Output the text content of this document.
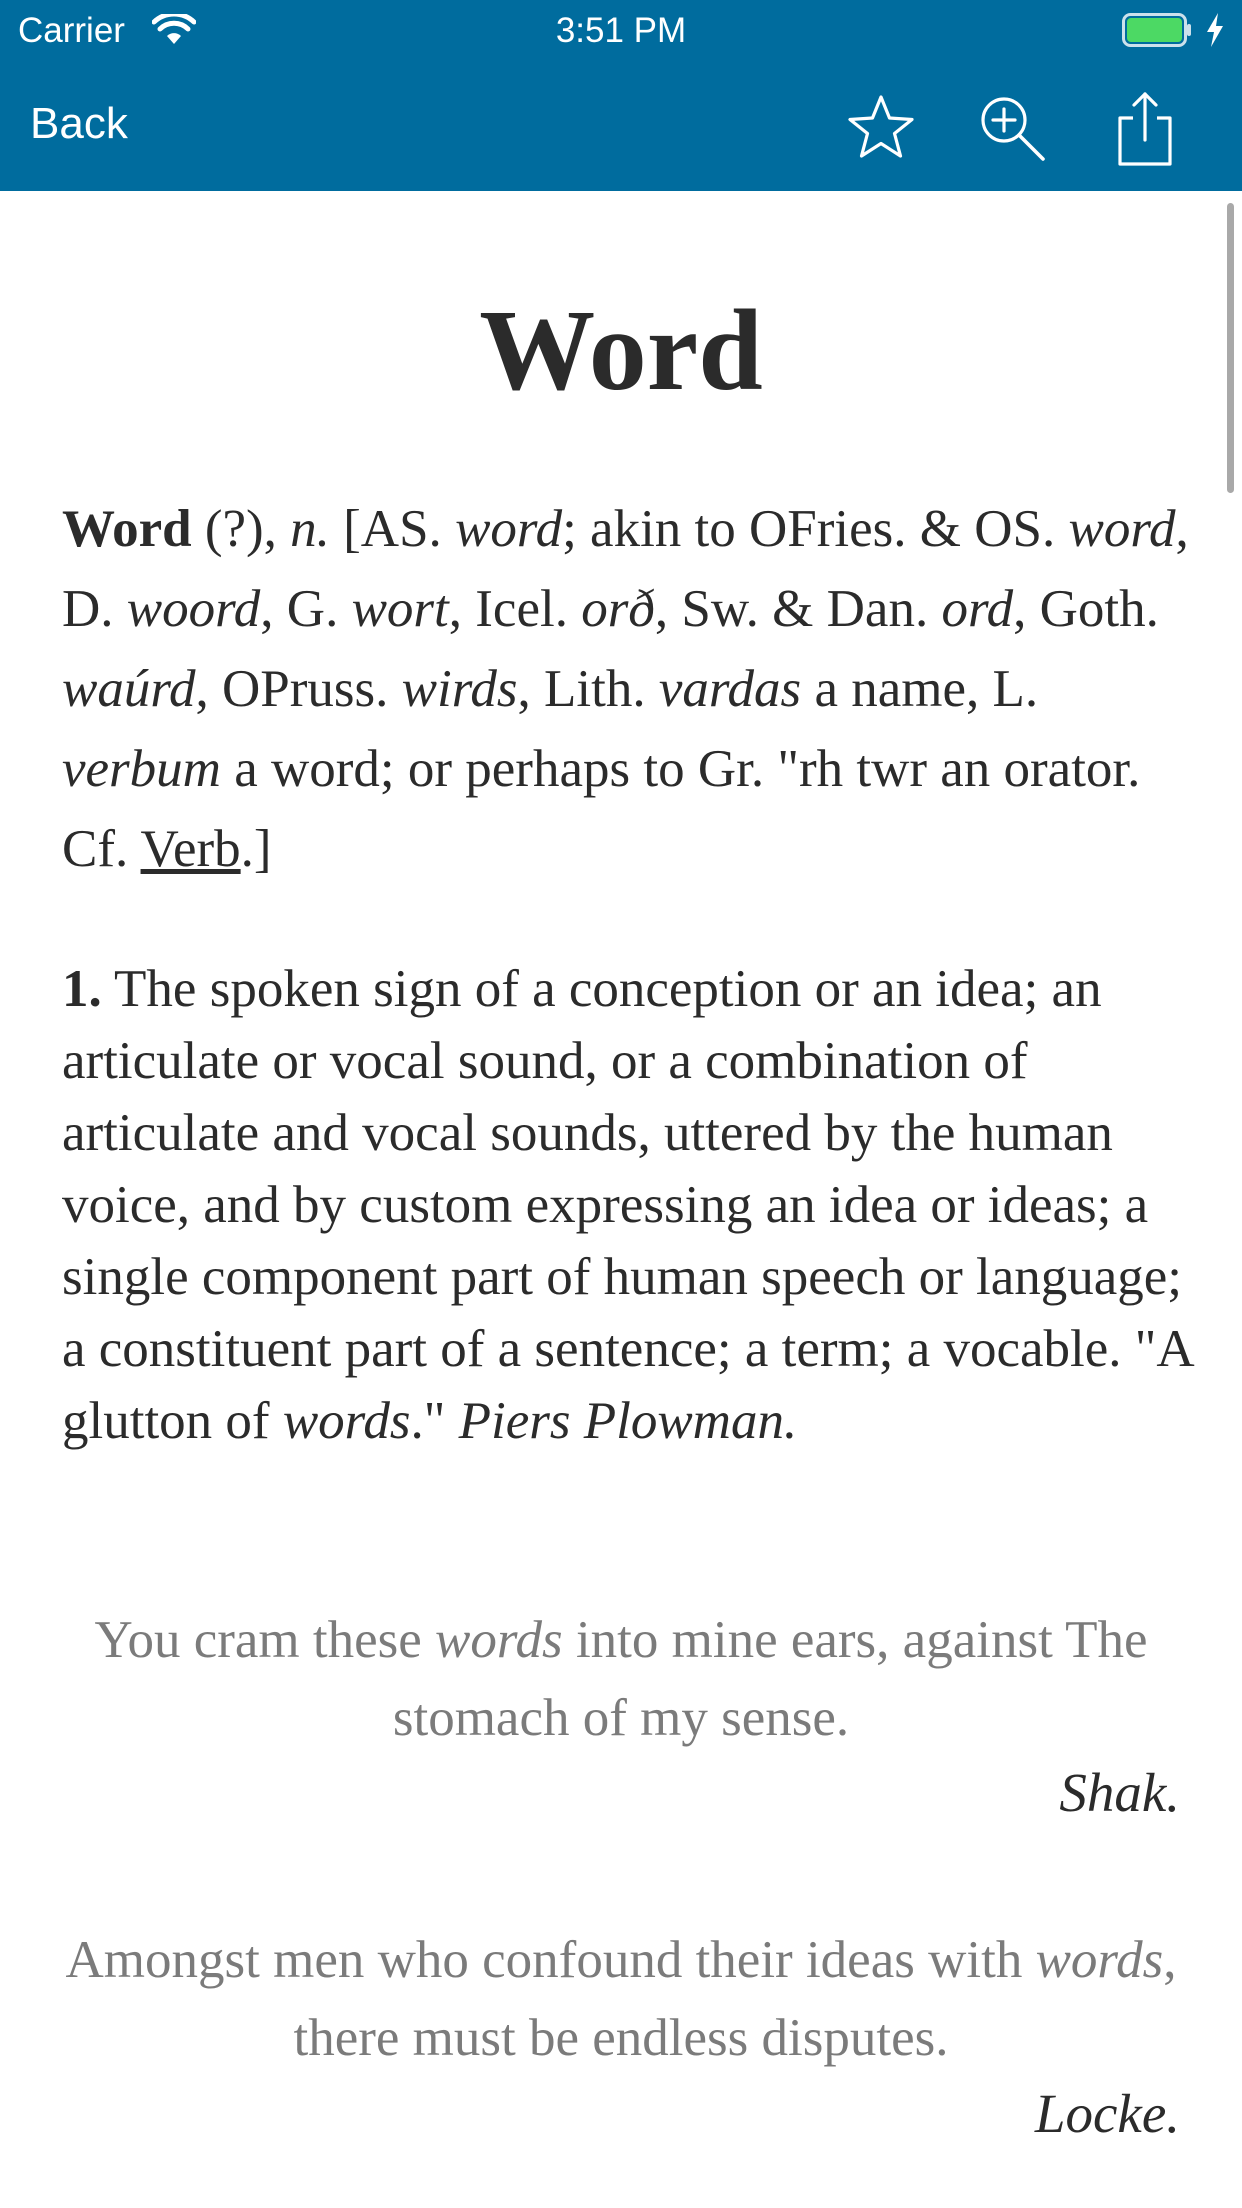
Carrier	3:51 PM
Back
Word

Word (?), n. [AS. word; akin to OFries. & OS. word, D. woord, G. wort, Icel. orð, Sw. & Dan. ord, Goth. waúrd, OPruss. wirds, Lith. vardas a name, L. verbum a word; or perhaps to Gr. "rh twr an orator. Cf. Verb.]

1. The spoken sign of a conception or an idea; an articulate or vocal sound, or a combination of articulate and vocal sounds, uttered by the human voice, and by custom expressing an idea or ideas; a single component part of human speech or language; a constituent part of a sentence; a term; a vocable. "A glutton of words." Piers Plowman.

You cram these words into mine ears, against The stomach of my sense.

Shak.

Amongst men who confound their ideas with words, there must be endless disputes.

Locke.
